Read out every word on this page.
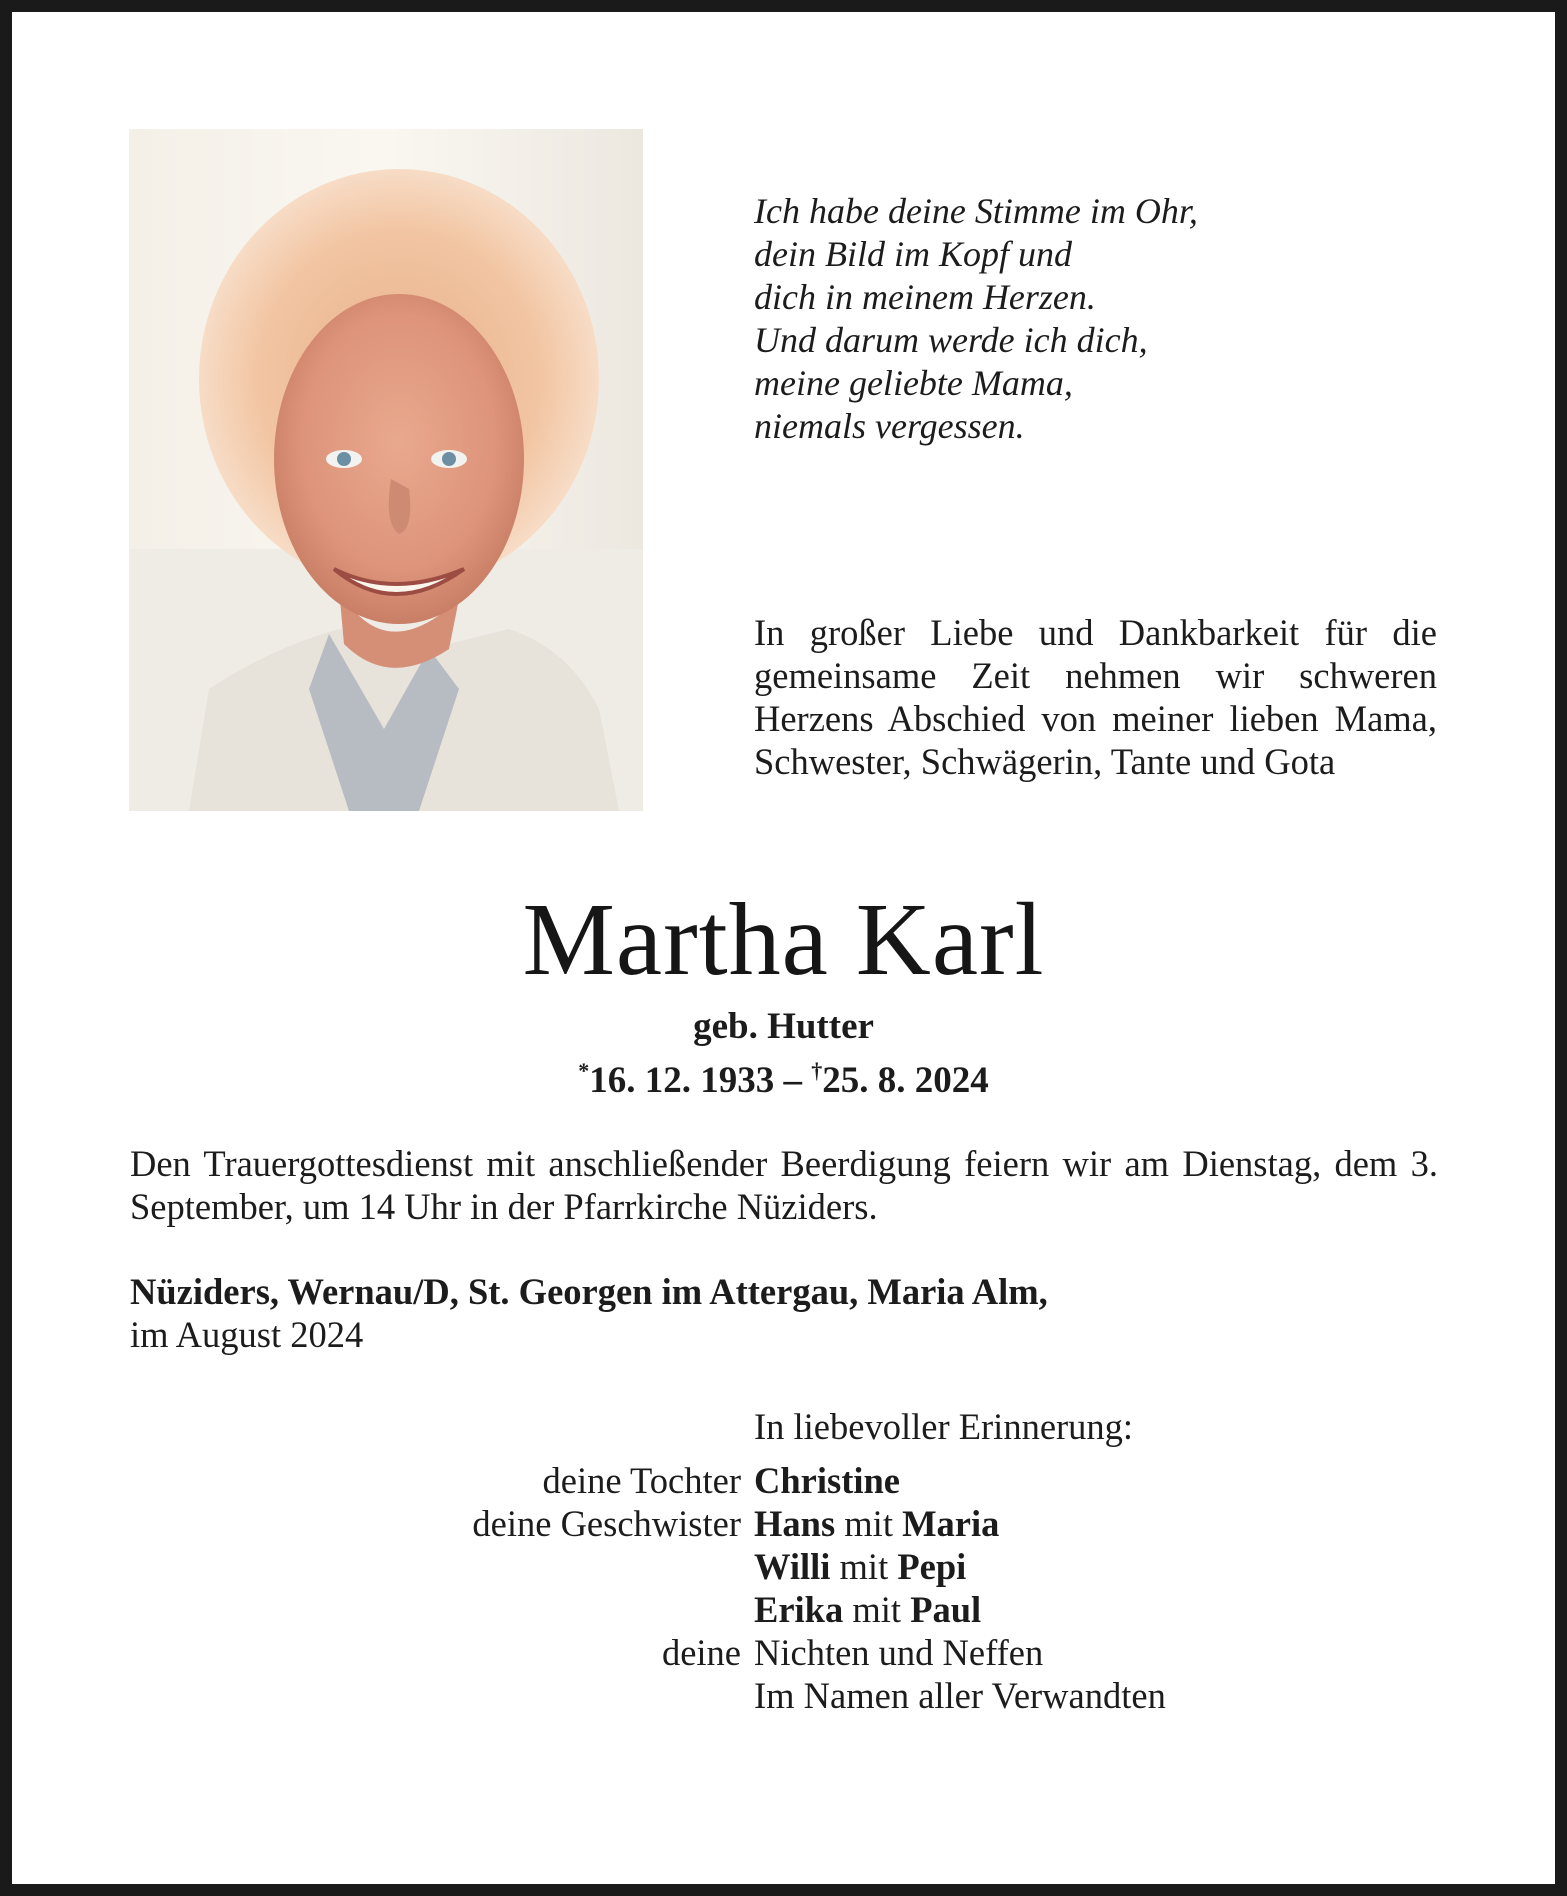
Ich habe deine Stimme im Ohr,
dein Bild im Kopf und
dich in meinem Herzen.
Und darum werde ich dich,
meine geliebte Mama,
niemals vergessen.
In großer Liebe und Dankbarkeit für die gemeinsame Zeit nehmen wir schweren Herzens Abschied von meiner lieben Mama, Schwester, Schwägerin, Tante und Gota
Martha Karl
geb. Hutter
*16. 12. 1933 – †25. 8. 2024
Den Trauergottesdienst mit anschließender Beerdigung feiern wir am Dienstag, dem 3. September, um 14 Uhr in der Pfarrkirche Nüziders.
Nüziders, Wernau/D, St. Georgen im Attergau, Maria Alm,
im August 2024
In liebevoller Erinnerung:
deine Tochter Christine
deine Geschwister Hans mit Maria
Willi mit Pepi
Erika mit Paul
deine Nichten und Neffen
Im Namen aller Verwandten
